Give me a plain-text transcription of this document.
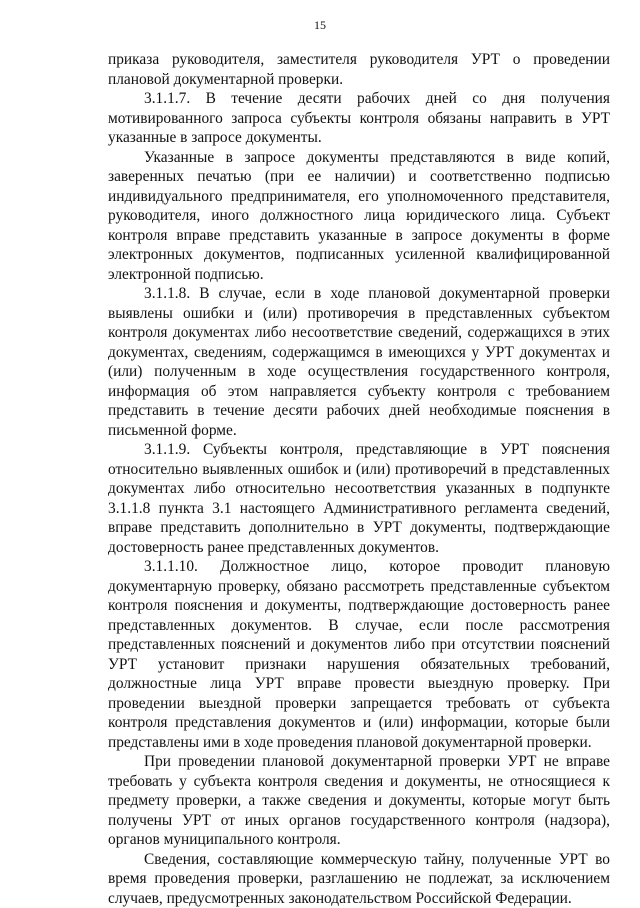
15

приказа руководителя, заместителя руководителя УРТ о проведении плановой документарной проверки.

3.1.1.7. В течение десяти рабочих дней со дня получения мотивированного запроса субъекты контроля обязаны направить в УРТ указанные в запросе документы.

Указанные в запросе документы представляются в виде копий, заверенных печатью (при ее наличии) и соответственно подписью индивидуального предпринимателя, его уполномоченного представителя, руководителя, иного должностного лица юридического лица. Субъект контроля вправе представить указанные в запросе документы в форме электронных документов, подписанных усиленной квалифицированной электронной подписью.

3.1.1.8. В случае, если в ходе плановой документарной проверки выявлены ошибки и (или) противоречия в представленных субъектом контроля документах либо несоответствие сведений, содержащихся в этих документах, сведениям, содержащимся в имеющихся у УРТ документах и (или) полученным в ходе осуществления государственного контроля, информация об этом направляется субъекту контроля с требованием представить в течение десяти рабочих дней необходимые пояснения в письменной форме.

3.1.1.9. Субъекты контроля, представляющие в УРТ пояснения относительно выявленных ошибок и (или) противоречий в представленных документах либо относительно несоответствия указанных в подпункте 3.1.1.8 пункта 3.1 настоящего Административного регламента сведений, вправе представить дополнительно в УРТ документы, подтверждающие достоверность ранее представленных документов.

3.1.1.10. Должностное лицо, которое проводит плановую документарную проверку, обязано рассмотреть представленные субъектом контроля пояснения и документы, подтверждающие достоверность ранее представленных документов. В случае, если после рассмотрения представленных пояснений и документов либо при отсутствии пояснений УРТ установит признаки нарушения обязательных требований, должностные лица УРТ вправе провести выездную проверку. При проведении выездной проверки запрещается требовать от субъекта контроля представления документов и (или) информации, которые были представлены ими в ходе проведения плановой документарной проверки.

При проведении плановой документарной проверки УРТ не вправе требовать у субъекта контроля сведения и документы, не относящиеся к предмету проверки, а также сведения и документы, которые могут быть получены УРТ от иных органов государственного контроля (надзора), органов муниципального контроля.

Сведения, составляющие коммерческую тайну, полученные УРТ во время проведения проверки, разглашению не подлежат, за исключением случаев, предусмотренных законодательством Российской Федерации.
